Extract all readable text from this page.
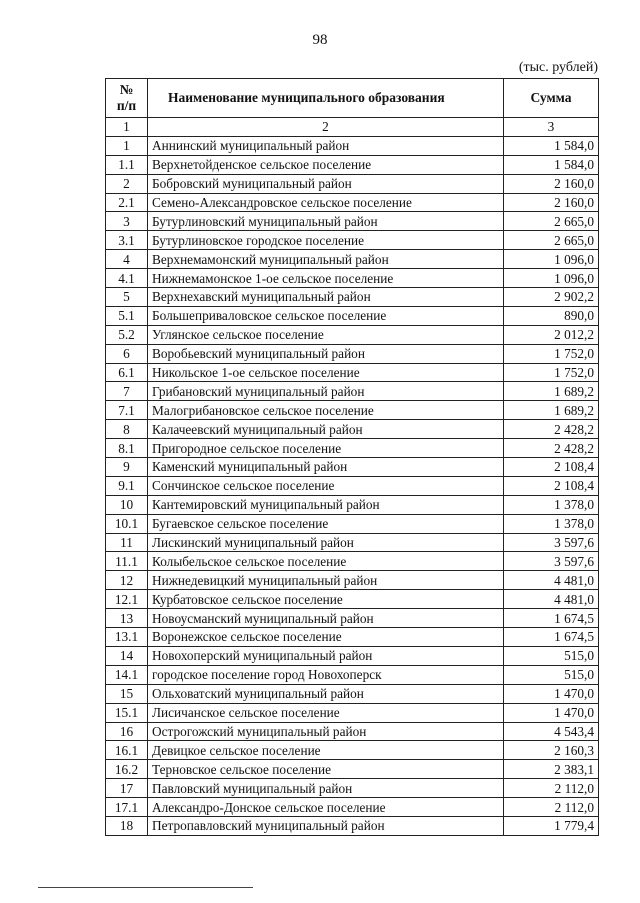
98
(тыс. рублей)
№
п/п	Наименование муниципального образования	Сумма
1	2	3
1	Аннинский муниципальный район	1 584,0
1.1	Верхнетойденское сельское поселение	1 584,0
2	Бобровский муниципальный район	2 160,0
2.1	Семено-Александровское сельское поселение	2 160,0
3	Бутурлиновский муниципальный район	2 665,0
3.1	Бутурлиновское городское поселение	2 665,0
4	Верхнемамонский муниципальный район	1 096,0
4.1	Нижнемамонское 1-ое сельское поселение	1 096,0
5	Верхнехавский муниципальный район	2 902,2
5.1	Большеприваловское сельское поселение	890,0
5.2	Углянское сельское поселение	2 012,2
6	Воробьевский муниципальный район	1 752,0
6.1	Никольское 1-ое сельское поселение	1 752,0
7	Грибановский муниципальный район	1 689,2
7.1	Малогрибановское сельское поселение	1 689,2
8	Калачеевский муниципальный район	2 428,2
8.1	Пригородное сельское поселение	2 428,2
9	Каменский муниципальный район	2 108,4
9.1	Сончинское сельское поселение	2 108,4
10	Кантемировский муниципальный район	1 378,0
10.1	Бугаевское сельское поселение	1 378,0
11	Лискинский муниципальный район	3 597,6
11.1	Колыбельское сельское поселение	3 597,6
12	Нижнедевицкий муниципальный район	4 481,0
12.1	Курбатовское сельское поселение	4 481,0
13	Новоусманский муниципальный район	1 674,5
13.1	Воронежское сельское поселение	1 674,5
14	Новохоперский муниципальный район	515,0
14.1	городское поселение город Новохоперск	515,0
15	Ольховатский муниципальный район	1 470,0
15.1	Лисичанское сельское поселение	1 470,0
16	Острогожский муниципальный район	4 543,4
16.1	Девицкое сельское поселение	2 160,3
16.2	Терновское сельское поселение	2 383,1
17	Павловский муниципальный район	2 112,0
17.1	Александро-Донское сельское поселение	2 112,0
18	Петропавловский муниципальный район	1 779,4
